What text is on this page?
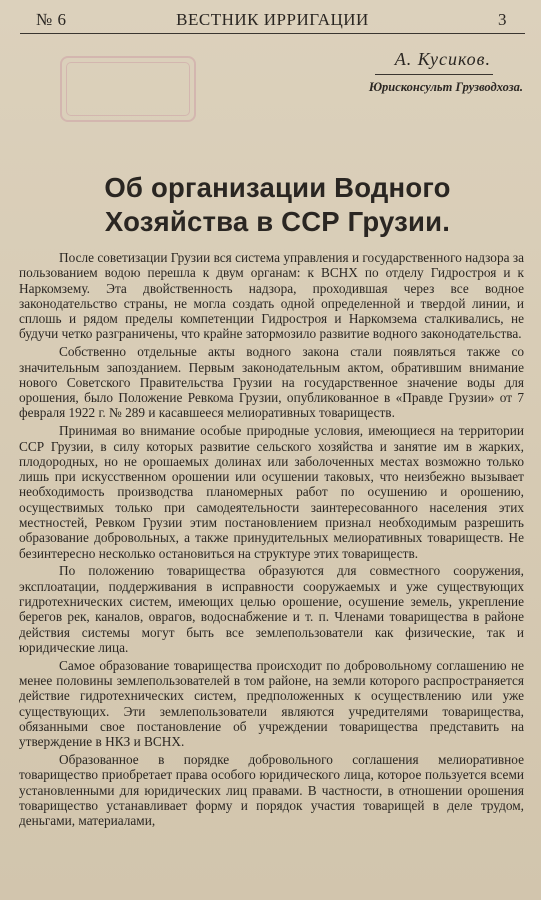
№ 6	ВЕСТНИК ИРРИГАЦИИ	3
А. Кусиков.
Юрисконсульт Грузводхоза.
Об организации Водного Хозяйства в ССР Грузии.

После советизации Грузии вся система управления и государственного надзора за пользованием водою перешла к двум органам: к ВСНХ по отделу Гидростроя и к Наркомзему. Эта двойственность надзора, проходившая через все водное законодательство страны, не могла создать одной определенной и твердой линии, и сплошь и рядом пределы компетенции Гидростроя и Наркомзема сталкивались, не будучи четко разграничены, что крайне затормозило развитие водного законодательства.

Собственно отдельные акты водного закона стали появляться также со значительным запозданием. Первым законодательным актом, обратившим внимание нового Советского Правительства Грузии на государственное значение воды для орошения, было Положение Ревкома Грузии, опубликованное в «Правде Грузии» от 7 февраля 1922 г. № 289 и касавшееся мелиоративных товариществ.

Принимая во внимание особые природные условия, имеющиеся на территории ССР Грузии, в силу которых развитие сельского хозяйства и занятие им в жарких, плодородных, но не орошаемых долинах или заболоченных местах возможно только лишь при искусственном орошении или осушении таковых, что неизбежно вызывает необходимость производства планомерных работ по осушению и орошению, осуществимых только при самодеятельности заинтересованного населения этих местностей, Ревком Грузии этим постановлением признал необходимым разрешить образование добровольных, а также принудительных мелиоративных товариществ. Не безинтересно несколько остановиться на структуре этих товариществ.

По положению товарищества образуются для совместного сооружения, эксплоатации, поддерживания в исправности сооружаемых и уже существующих гидротехнических систем, имеющих целью орошение, осушение земель, укрепление берегов рек, каналов, оврагов, водоснабжение и т. п. Членами товарищества в районе действия системы могут быть все землепользователи как физические, так и юридические лица.

Самое образование товарищества происходит по добровольному соглашению не менее половины землепользователей в том районе, на земли которого распространяется действие гидротехнических систем, предположенных к осуществлению или уже существующих. Эти землепользователи являются учредителями товарищества, обязанными свое постановление об учреждении товарищества представить на утверждение в НКЗ и ВСНХ.

Образованное в порядке добровольного соглашения мелиоративное товарищество приобретает права особого юридического лица, которое пользуется всеми установленными для юридических лиц правами. В частности, в отношении орошения товарищество устанавливает форму и порядок участия товарищей в деле трудом, деньгами, материалами,
